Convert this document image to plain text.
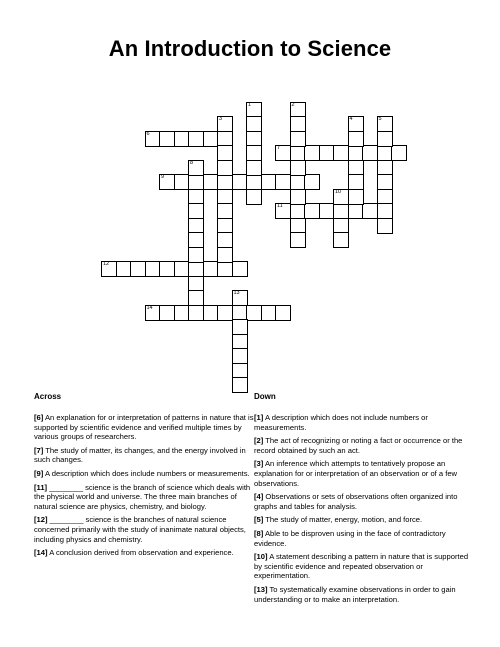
An Introduction to Science
6
7
9
11
12
14
1	2
3	4	5
8
10
13
Across
[6] An explanation for or interpretation of patterns in nature that is supported by scientific evidence and verified multiple times by various groups of researchers.
[7] The study of matter, its changes, and the energy involved in such changes.
[9] A description which does include numbers or measurements.
[11] ________ science is the branch of science which deals with the physical world and universe. The three main branches of natural science are physics, chemistry, and biology.
[12] ________ science is the branches of natural science concerned primarily with the study of inanimate natural objects, including physics and chemistry.
[14] A conclusion derived from observation and experience.
Down
[1] A description which does not include numbers or measurements.
[2] The act of recognizing or noting a fact or occurrence or the record obtained by such an act.
[3] An inference which attempts to tentatively propose an explanation for or interpretation of an observation or of a few observations.
[4] Observations or sets of observations often organized into graphs and tables for analysis.
[5] The study of matter, energy, motion, and force.
[8] Able to be disproven using in the face of contradictory evidence.
[10] A statement describing a pattern in nature that is supported by scientific evidence and repeated observation or experimentation.
[13] To systematically examine observations in order to gain understanding or to make an interpretation.
